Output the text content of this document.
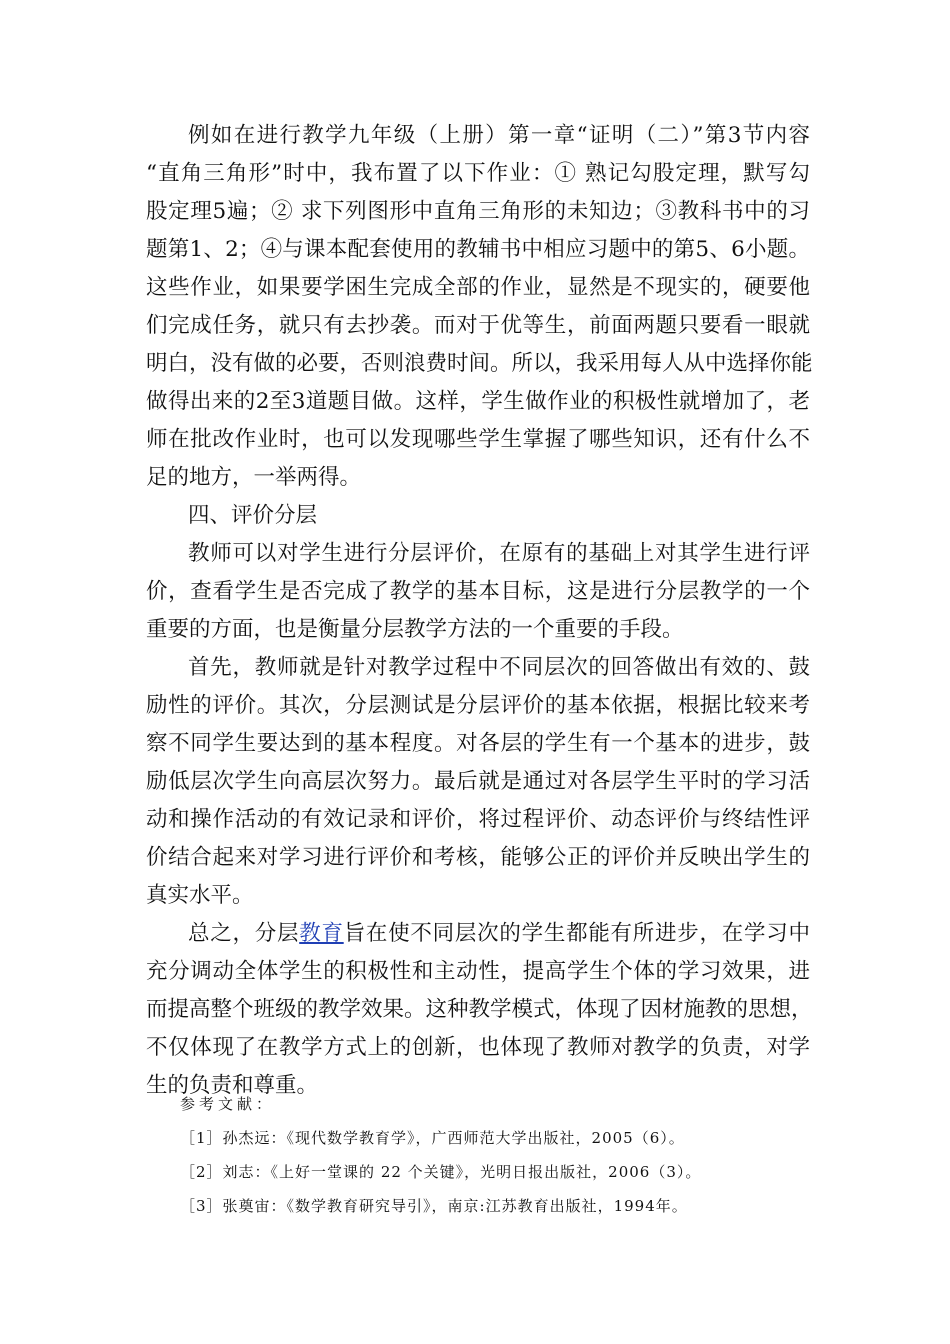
例如在进行教学九年级（上册）第一章“证明（二）”第3节内容
“直角三角形”时中，我布置了以下作业：① 熟记勾股定理，默写勾
股定理5遍；② 求下列图形中直角三角形的未知边；③教科书中的习
题第1、2；④与课本配套使用的教辅书中相应习题中的第5、6小题。
这些作业，如果要学困生完成全部的作业，显然是不现实的，硬要他
们完成任务，就只有去抄袭。而对于优等生，前面两题只要看一眼就
明白，没有做的必要，否则浪费时间。所以，我采用每人从中选择你能
做得出来的2至3道题目做。这样，学生做作业的积极性就增加了，老
师在批改作业时，也可以发现哪些学生掌握了哪些知识，还有什么不
足的地方，一举两得。
四、评价分层
教师可以对学生进行分层评价，在原有的基础上对其学生进行评
价，查看学生是否完成了教学的基本目标，这是进行分层教学的一个
重要的方面，也是衡量分层教学方法的一个重要的手段。
首先，教师就是针对教学过程中不同层次的回答做出有效的、鼓
励性的评价。其次，分层测试是分层评价的基本依据，根据比较来考
察不同学生要达到的基本程度。对各层的学生有一个基本的进步，鼓
励低层次学生向高层次努力。最后就是通过对各层学生平时的学习活
动和操作活动的有效记录和评价，将过程评价、动态评价与终结性评
价结合起来对学习进行评价和考核，能够公正的评价并反映出学生的
真实水平。
总之，分层教育旨在使不同层次的学生都能有所进步，在学习中
充分调动全体学生的积极性和主动性，提高学生个体的学习效果，进
而提高整个班级的教学效果。这种教学模式，体现了因材施教的思想，
不仅体现了在教学方式上的创新，也体现了教师对教学的负责，对学
生的负责和尊重。
参考文献：
［1］孙杰远：《现代数学教育学》，广西师范大学出版社，2005（6）。
［2］刘志：《上好一堂课的 22 个关键》，光明日报出版社，2006（3）。
［3］张奠宙：《数学教育研究导引》，南京:江苏教育出版社，1994年。
